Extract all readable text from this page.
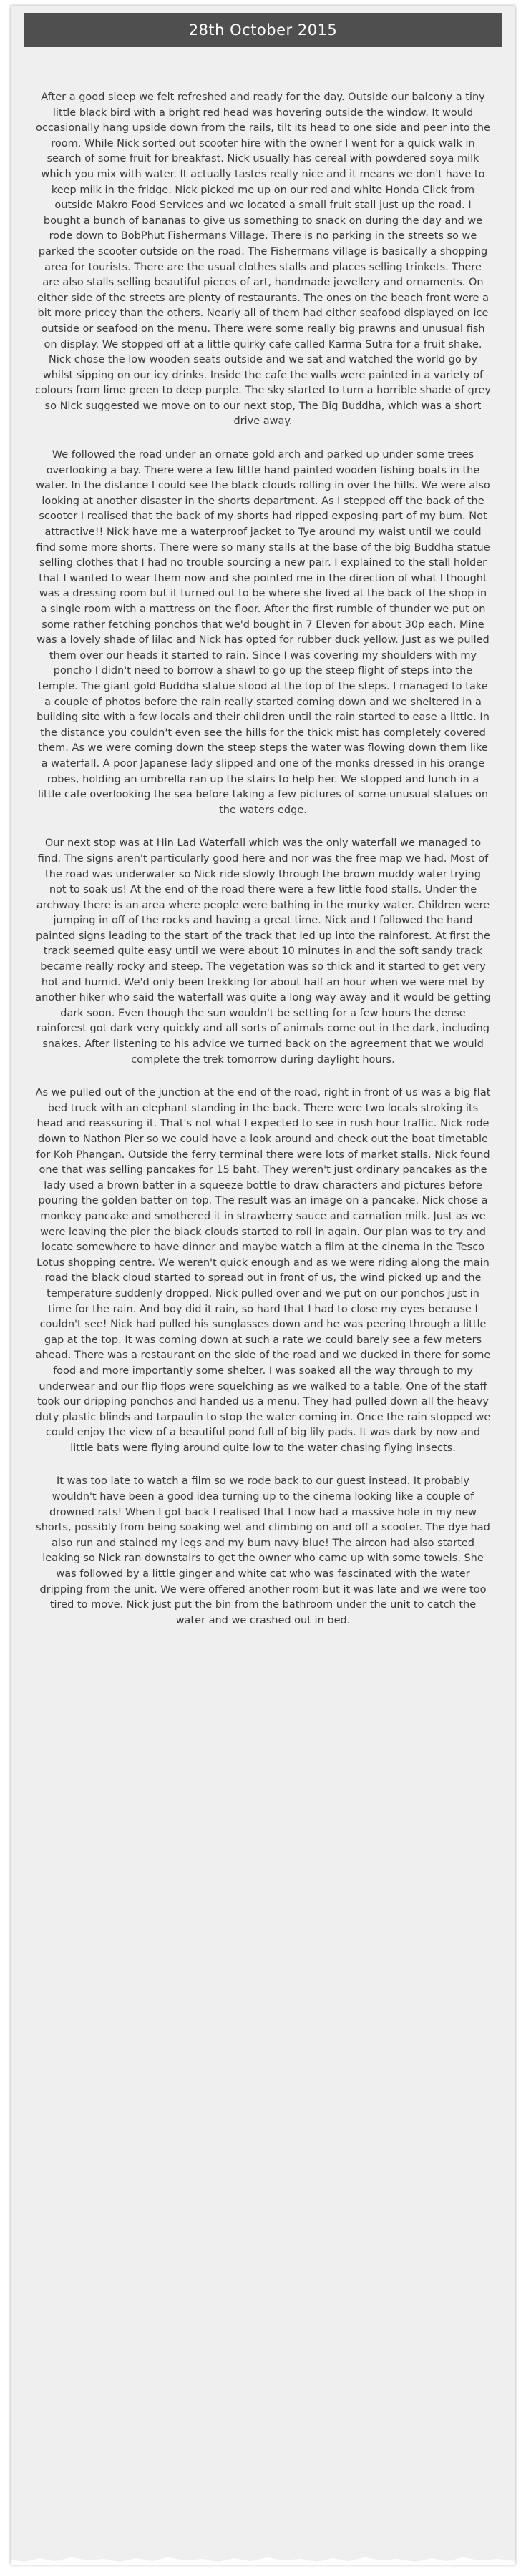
28th October 2015

After a good sleep we felt refreshed and ready for the day. Outside our balcony a tiny little black bird with a bright red head was hovering outside the window. It would occasionally hang upside down from the rails, tilt its head to one side and peer into the room. While Nick sorted out scooter hire with the owner I went for a quick walk in search of some fruit for breakfast. Nick usually has cereal with powdered soya milk which you mix with water. It actually tastes really nice and it means we don't have to keep milk in the fridge. Nick picked me up on our red and white Honda Click from outside Makro Food Services and we located a small fruit stall just up the road. I bought a bunch of bananas to give us something to snack on during the day and we rode down to BobPhut Fishermans Village. There is no parking in the streets so we parked the scooter outside on the road. The Fishermans village is basically a shopping area for tourists. There are the usual clothes stalls and places selling trinkets. There are also stalls selling beautiful pieces of art, handmade jewellery and ornaments. On either side of the streets are plenty of restaurants. The ones on the beach front were a bit more pricey than the others. Nearly all of them had either seafood displayed on ice outside or seafood on the menu. There were some really big prawns and unusual fish on display. We stopped off at a little quirky cafe called Karma Sutra for a fruit shake. Nick chose the low wooden seats outside and we sat and watched the world go by whilst sipping on our icy drinks. Inside the cafe the walls were painted in a variety of colours from lime green to deep purple. The sky started to turn a horrible shade of grey so Nick suggested we move on to our next stop, The Big Buddha, which was a short drive away.

We followed the road under an ornate gold arch and parked up under some trees overlooking a bay. There were a few little hand painted wooden fishing boats in the water. In the distance I could see the black clouds rolling in over the hills. We were also looking at another disaster in the shorts department. As I stepped off the back of the scooter I realised that the back of my shorts had ripped exposing part of my bum. Not attractive!! Nick have me a waterproof jacket to Tye around my waist until we could find some more shorts. There were so many stalls at the base of the big Buddha statue selling clothes that I had no trouble sourcing a new pair. I explained to the stall holder that I wanted to wear them now and she pointed me in the direction of what I thought was a dressing room but it turned out to be where she lived at the back of the shop in a single room with a mattress on the floor. After the first rumble of thunder we put on some rather fetching ponchos that we'd bought in 7 Eleven for about 30p each. Mine was a lovely shade of lilac and Nick has opted for rubber duck yellow. Just as we pulled them over our heads it started to rain. Since I was covering my shoulders with my poncho I didn't need to borrow a shawl to go up the steep flight of steps into the temple. The giant gold Buddha statue stood at the top of the steps. I managed to take a couple of photos before the rain really started coming down and we sheltered in a building site with a few locals and their children until the rain started to ease a little. In the distance you couldn't even see the hills for the thick mist has completely covered them. As we were coming down the steep steps the water was flowing down them like a waterfall. A poor Japanese lady slipped and one of the monks dressed in his orange robes, holding an umbrella ran up the stairs to help her. We stopped and lunch in a little cafe overlooking the sea before taking a few pictures of some unusual statues on the waters edge.

Our next stop was at Hin Lad Waterfall which was the only waterfall we managed to find. The signs aren't particularly good here and nor was the free map we had. Most of the road was underwater so Nick ride slowly through the brown muddy water trying not to soak us! At the end of the road there were a few little food stalls. Under the archway there is an area where people were bathing in the murky water. Children were jumping in off of the rocks and having a great time. Nick and I followed the hand painted signs leading to the start of the track that led up into the rainforest. At first the track seemed quite easy until we were about 10 minutes in and the soft sandy track became really rocky and steep. The vegetation was so thick and it started to get very hot and humid. We'd only been trekking for about half an hour when we were met by another hiker who said the waterfall was quite a long way away and it would be getting dark soon. Even though the sun wouldn't be setting for a few hours the dense rainforest got dark very quickly and all sorts of animals come out in the dark, including snakes. After listening to his advice we turned back on the agreement that we would complete the trek tomorrow during daylight hours.

As we pulled out of the junction at the end of the road, right in front of us was a big flat bed truck with an elephant standing in the back. There were two locals stroking its head and reassuring it. That's not what I expected to see in rush hour traffic. Nick rode down to Nathon Pier so we could have a look around and check out the boat timetable for Koh Phangan. Outside the ferry terminal there were lots of market stalls. Nick found one that was selling pancakes for 15 baht. They weren't just ordinary pancakes as the lady used a brown batter in a squeeze bottle to draw characters and pictures before pouring the golden batter on top. The result was an image on a pancake. Nick chose a monkey pancake and smothered it in strawberry sauce and carnation milk. Just as we were leaving the pier the black clouds started to roll in again. Our plan was to try and locate somewhere to have dinner and maybe watch a film at the cinema in the Tesco Lotus shopping centre. We weren't quick enough and as we were riding along the main road the black cloud started to spread out in front of us, the wind picked up and the temperature suddenly dropped. Nick pulled over and we put on our ponchos just in time for the rain. And boy did it rain, so hard that I had to close my eyes because I couldn't see! Nick had pulled his sunglasses down and he was peering through a little gap at the top. It was coming down at such a rate we could barely see a few meters ahead. There was a restaurant on the side of the road and we ducked in there for some food and more importantly some shelter. I was soaked all the way through to my underwear and our flip flops were squelching as we walked to a table. One of the staff took our dripping ponchos and handed us a menu. They had pulled down all the heavy duty plastic blinds and tarpaulin to stop the water coming in. Once the rain stopped we could enjoy the view of a beautiful pond full of big lily pads. It was dark by now and little bats were flying around quite low to the water chasing flying insects.

It was too late to watch a film so we rode back to our guest instead. It probably wouldn't have been a good idea turning up to the cinema looking like a couple of drowned rats! When I got back I realised that I now had a massive hole in my new shorts, possibly from being soaking wet and climbing on and off a scooter. The dye had also run and stained my legs and my bum navy blue! The aircon had also started leaking so Nick ran downstairs to get the owner who came up with some towels. She was followed by a little ginger and white cat who was fascinated with the water dripping from the unit. We were offered another room but it was late and we were too tired to move. Nick just put the bin from the bathroom under the unit to catch the water and we crashed out in bed.
